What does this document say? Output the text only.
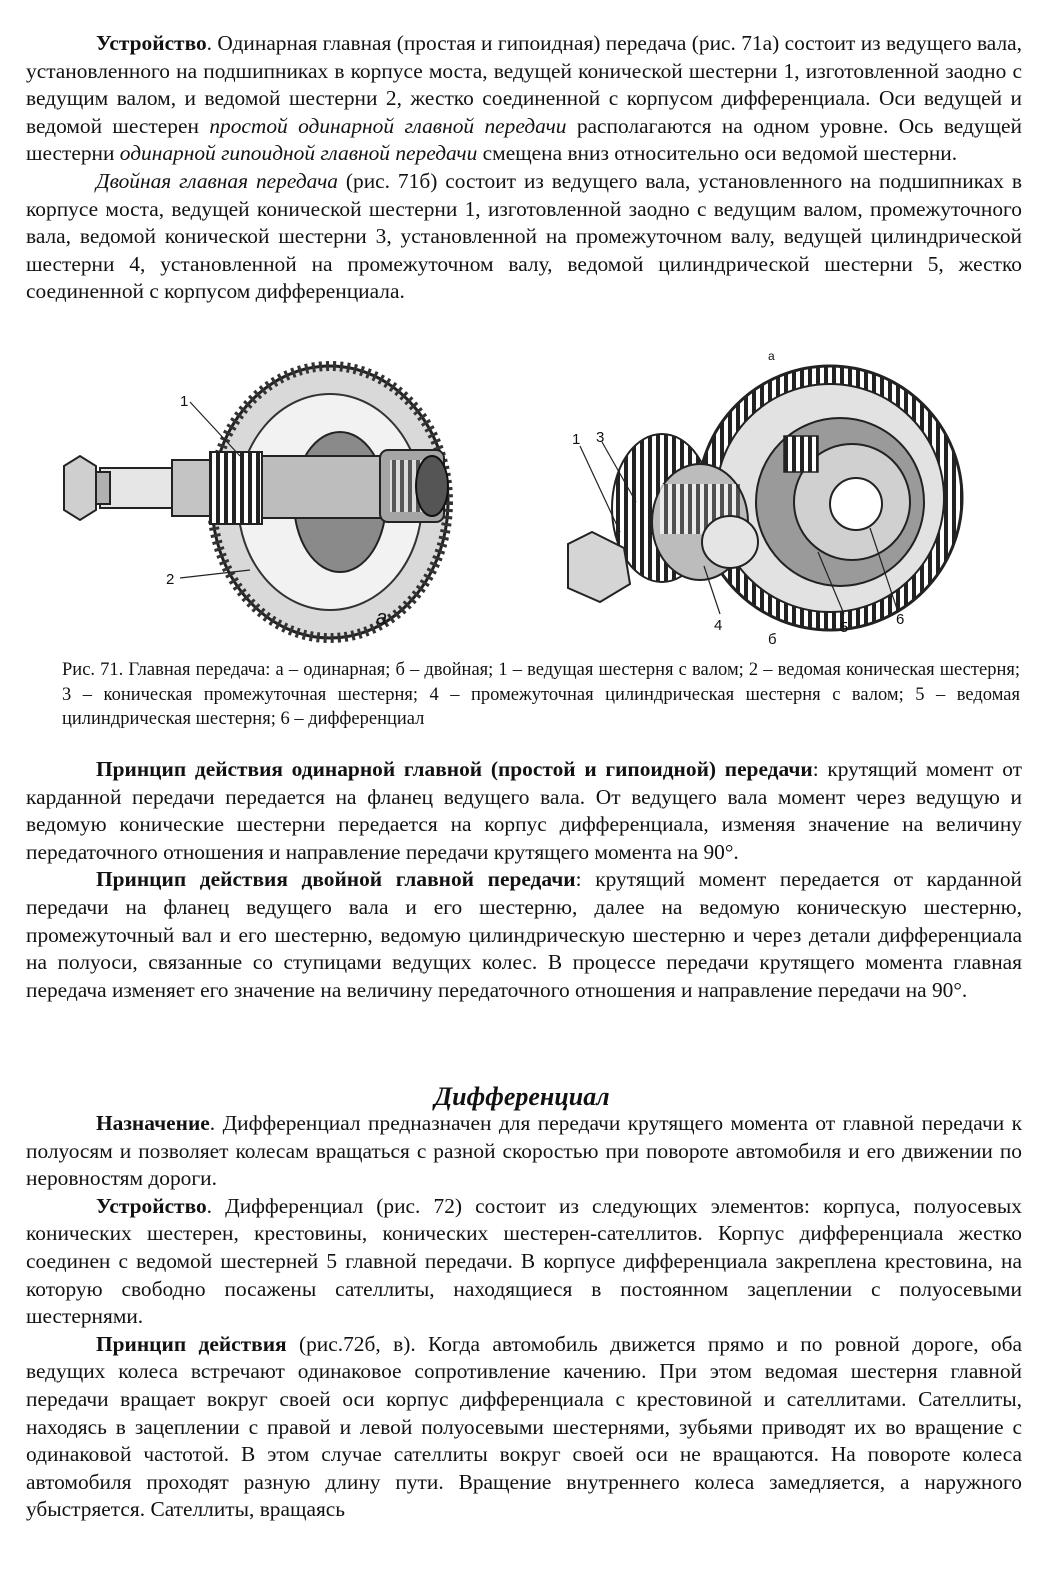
Устройство. Одинарная главная (простая и гипоидная) передача (рис. 71а) состоит из ведущего вала, установленного на подшипниках в корпусе моста, ведущей конической шестерни 1, изготовленной заодно с ведущим валом, и ведомой шестерни 2, жестко соединенной с корпусом дифференциала. Оси ведущей и ведомой шестерен простой одинарной главной передачи располагаются на одном уровне. Ось ведущей шестерни одинарной гипоидной главной передачи смещена вниз относительно оси ведомой шестерни.

Двойная главная передача (рис. 71б) состоит из ведущего вала, установленного на подшипниках в корпусе моста, ведущей конической шестерни 1, изготовленной заодно с ведущим валом, промежуточного вала, ведомой конической шестерни 3, установленной на промежуточном валу, ведущей цилиндрической шестерни 4, установленной на промежуточном валу, ведомой цилиндрической шестерни 5, жестко соединенной с корпусом дифференциала.

1
2
а
1 3
4	5	6
б
а
Рис. 71. Главная передача: а – одинарная; б – двойная; 1 – ведущая шестерня с валом; 2 – ведомая коническая шестерня; 3 – коническая промежуточная шестерня; 4 – промежуточная цилиндрическая шестерня с валом; 5 – ведомая цилиндрическая шестерня; 6 – дифференциал

Принцип действия одинарной главной (простой и гипоидной) передачи: крутящий момент от карданной передачи передается на фланец ведущего вала. От ведущего вала момент через ведущую и ведомую конические шестерни передается на корпус дифференциала, изменяя значение на величину передаточного отношения и направление передачи крутящего момента на 90°.

Принцип действия двойной главной передачи: крутящий момент передается от карданной передачи на фланец ведущего вала и его шестерню, далее на ведомую коническую шестерню, промежуточный вал и его шестерню, ведомую цилиндрическую шестерню и через детали дифференциала на полуоси, связанные со ступицами ведущих колес. В процессе передачи крутящего момента главная передача изменяет его значение на величину передаточного отношения и направление передачи на 90°.

Дифференциал

Назначение. Дифференциал предназначен для передачи крутящего момента от главной передачи к полуосям и позволяет колесам вращаться с разной скоростью при повороте автомобиля и его движении по неровностям дороги.

Устройство. Дифференциал (рис. 72) состоит из следующих элементов: корпуса, полуосевых конических шестерен, крестовины, конических шестерен-сателлитов. Корпус дифференциала жестко соединен с ведомой шестерней 5 главной передачи. В корпусе дифференциала закреплена крестовина, на которую свободно посажены сателлиты, находящиеся в постоянном зацеплении с полуосевыми шестернями.

Принцип действия (рис.72б, в). Когда автомобиль движется прямо и по ровной дороге, оба ведущих колеса встречают одинаковое сопротивление качению. При этом ведомая шестерня главной передачи вращает вокруг своей оси корпус дифференциала с крестовиной и сателлитами. Сателлиты, находясь в зацеплении с правой и левой полуосевыми шестернями, зубьями приводят их во вращение с одинаковой частотой. В этом случае сателлиты вокруг своей оси не вращаются. На повороте колеса автомобиля проходят разную длину пути. Вращение внутреннего колеса замедляется, а наружного убыстряется. Сателлиты, вращаясь
